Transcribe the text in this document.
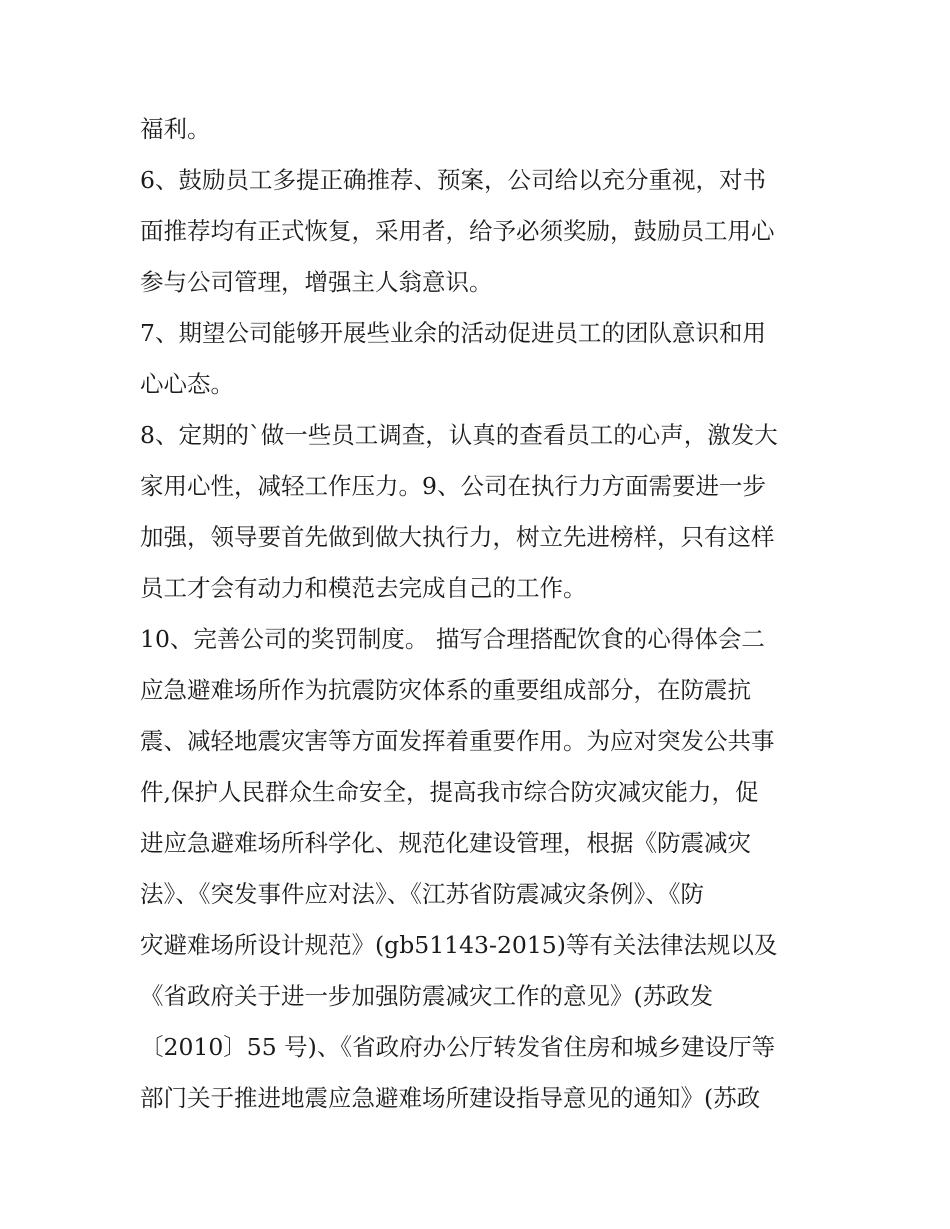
福利。
6、鼓励员工多提正确推荐、预案，公司给以充分重视，对书
面推荐均有正式恢复，采用者，给予必须奖励，鼓励员工用心
参与公司管理，增强主人翁意识。
7、期望公司能够开展些业余的活动促进员工的团队意识和用
心心态。
8、定期的`做一些员工调查，认真的查看员工的心声，激发大
家用心性，减轻工作压力。9、公司在执行力方面需要进一步
加强，领导要首先做到做大执行力，树立先进榜样，只有这样
员工才会有动力和模范去完成自己的工作。
10、完善公司的奖罚制度。 描写合理搭配饮食的心得体会二
应急避难场所作为抗震防灾体系的重要组成部分，在防震抗
震、减轻地震灾害等方面发挥着重要作用。为应对突发公共事
件,保护人民群众生命安全，提高我市综合防灾减灾能力，促
进应急避难场所科学化、规范化建设管理，根据《防震减灾
法》、《突发事件应对法》、《江苏省防震减灾条例》、《防
灾避难场所设计规范》(gb51143-2015)等有关法律法规以及
《省政府关于进一步加强防震减灾工作的意见》(苏政发
〔2010〕55 号)、《省政府办公厅转发省住房和城乡建设厅等
部门关于推进地震应急避难场所建设指导意见的通知》(苏政
